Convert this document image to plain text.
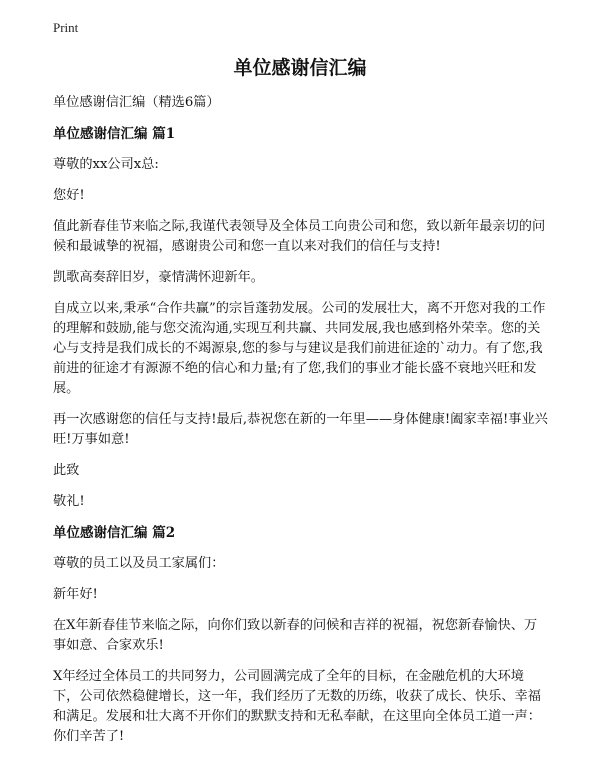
Print
单位感谢信汇编

单位感谢信汇编（精选6篇）

单位感谢信汇编 篇1

尊敬的xx公司x总:

您好!

值此新春佳节来临之际,我谨代表领导及全体员工向贵公司和您，致以新年最亲切的问候和最诚挚的祝福，感谢贵公司和您一直以来对我们的信任与支持!

凯歌高奏辞旧岁，豪情满怀迎新年。

自成立以来,秉承“合作共赢”的宗旨蓬勃发展。公司的发展壮大，离不开您对我的工作的理解和鼓励,能与您交流沟通,实现互利共赢、共同发展,我也感到格外荣幸。您的关心与支持是我们成长的不竭源泉,您的参与与建议是我们前进征途的`动力。有了您,我前进的征途才有源源不绝的信心和力量;有了您,我们的事业才能长盛不衰地兴旺和发展。

再一次感谢您的信任与支持!最后,恭祝您在新的一年里——身体健康!阖家幸福!事业兴旺!万事如意!

此致

敬礼!

单位感谢信汇编 篇2

尊敬的员工以及员工家属们：

新年好!

在X年新春佳节来临之际，向你们致以新春的问候和吉祥的祝福，祝您新春愉快、万事如意、合家欢乐!

X年经过全体员工的共同努力，公司圆满完成了全年的目标，在金融危机的大环境下，公司依然稳健增长，这一年，我们经历了无数的历练，收获了成长、快乐、幸福和满足。发展和壮大离不开你们的默默支持和无私奉献，在这里向全体员工道一声：你们辛苦了!
